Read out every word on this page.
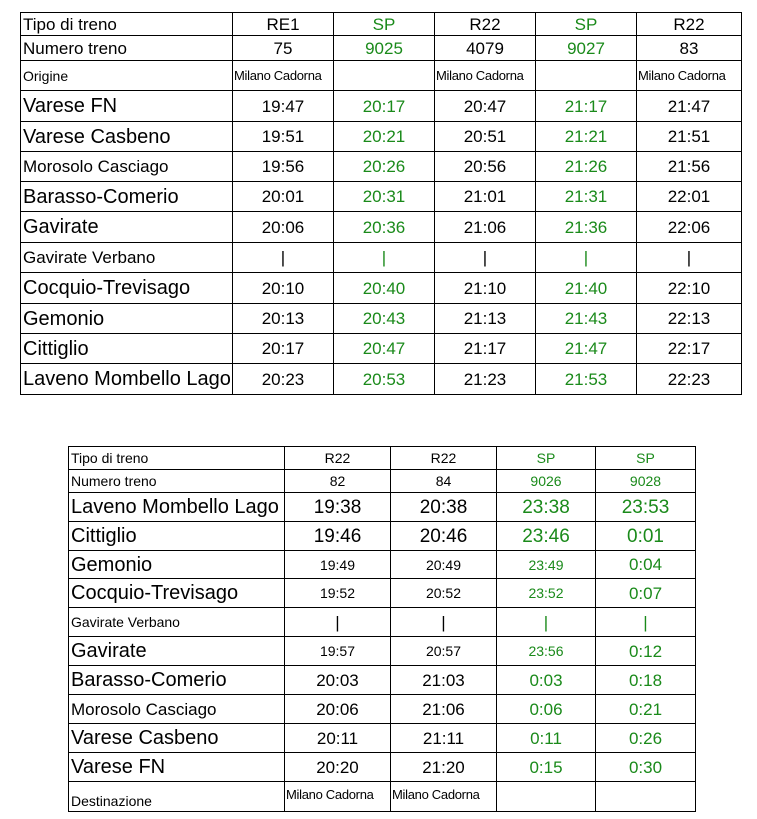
Tipo di treno	RE1	SP	R22	SP	R22
Numero treno	75	9025	4079	9027	83
Origine	Milano Cadorna		Milano Cadorna		Milano Cadorna
Varese FN	19:47	20:17	20:47	21:17	21:47
Varese Casbeno	19:51	20:21	20:51	21:21	21:51
Morosolo Casciago	19:56	20:26	20:56	21:26	21:56
Barasso-Comerio	20:01	20:31	21:01	21:31	22:01
Gavirate	20:06	20:36	21:06	21:36	22:06
Gavirate Verbano	|	|	|	|	|
Cocquio-Trevisago	20:10	20:40	21:10	21:40	22:10
Gemonio	20:13	20:43	21:13	21:43	22:13
Cittiglio	20:17	20:47	21:17	21:47	22:17
Laveno Mombello Lago	20:23	20:53	21:23	21:53	22:23
Tipo di treno	R22	R22	SP	SP
Numero treno	82	84	9026	9028
Laveno Mombello Lago	19:38	20:38	23:38	23:53
Cittiglio	19:46	20:46	23:46	0:01
Gemonio	19:49	20:49	23:49	0:04
Cocquio-Trevisago	19:52	20:52	23:52	0:07
Gavirate Verbano	|	|	|	|
Gavirate	19:57	20:57	23:56	0:12
Barasso-Comerio	20:03	21:03	0:03	0:18
Morosolo Casciago	20:06	21:06	0:06	0:21
Varese Casbeno	20:11	21:11	0:11	0:26
Varese FN	20:20	21:20	0:15	0:30
Destinazione	Milano Cadorna	Milano Cadorna		
